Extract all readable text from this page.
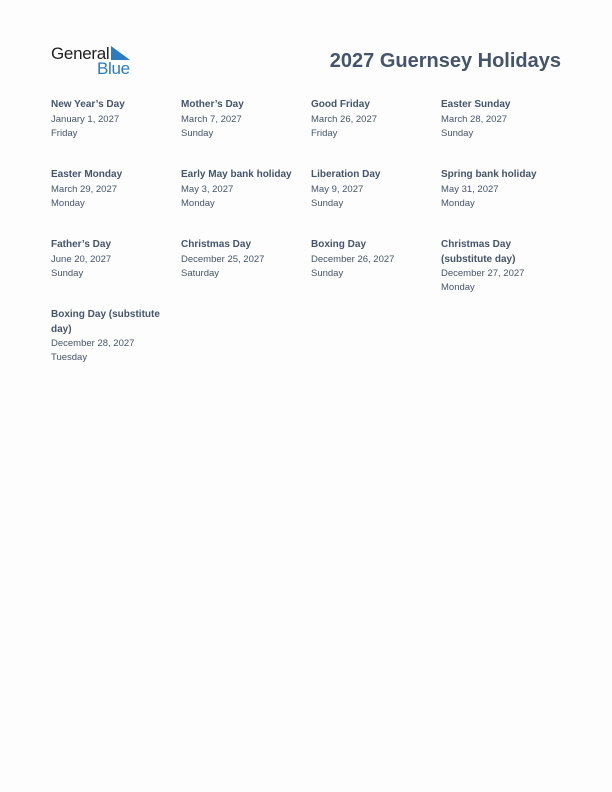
General
Blue	2027 Guernsey Holidays
New Year’s Day
January 1, 2027
Friday
Mother’s Day
March 7, 2027
Sunday
Good Friday
March 26, 2027
Friday
Easter Sunday
March 28, 2027
Sunday
Easter Monday
March 29, 2027
Monday
Early May bank holiday
May 3, 2027
Monday
Liberation Day
May 9, 2027
Sunday
Spring bank holiday
May 31, 2027
Monday
Father’s Day
June 20, 2027
Sunday
Christmas Day
December 25, 2027
Saturday
Boxing Day
December 26, 2027
Sunday
Christmas Day (substitute day)
December 27, 2027
Monday
Boxing Day (substitute day)
December 28, 2027
Tuesday
